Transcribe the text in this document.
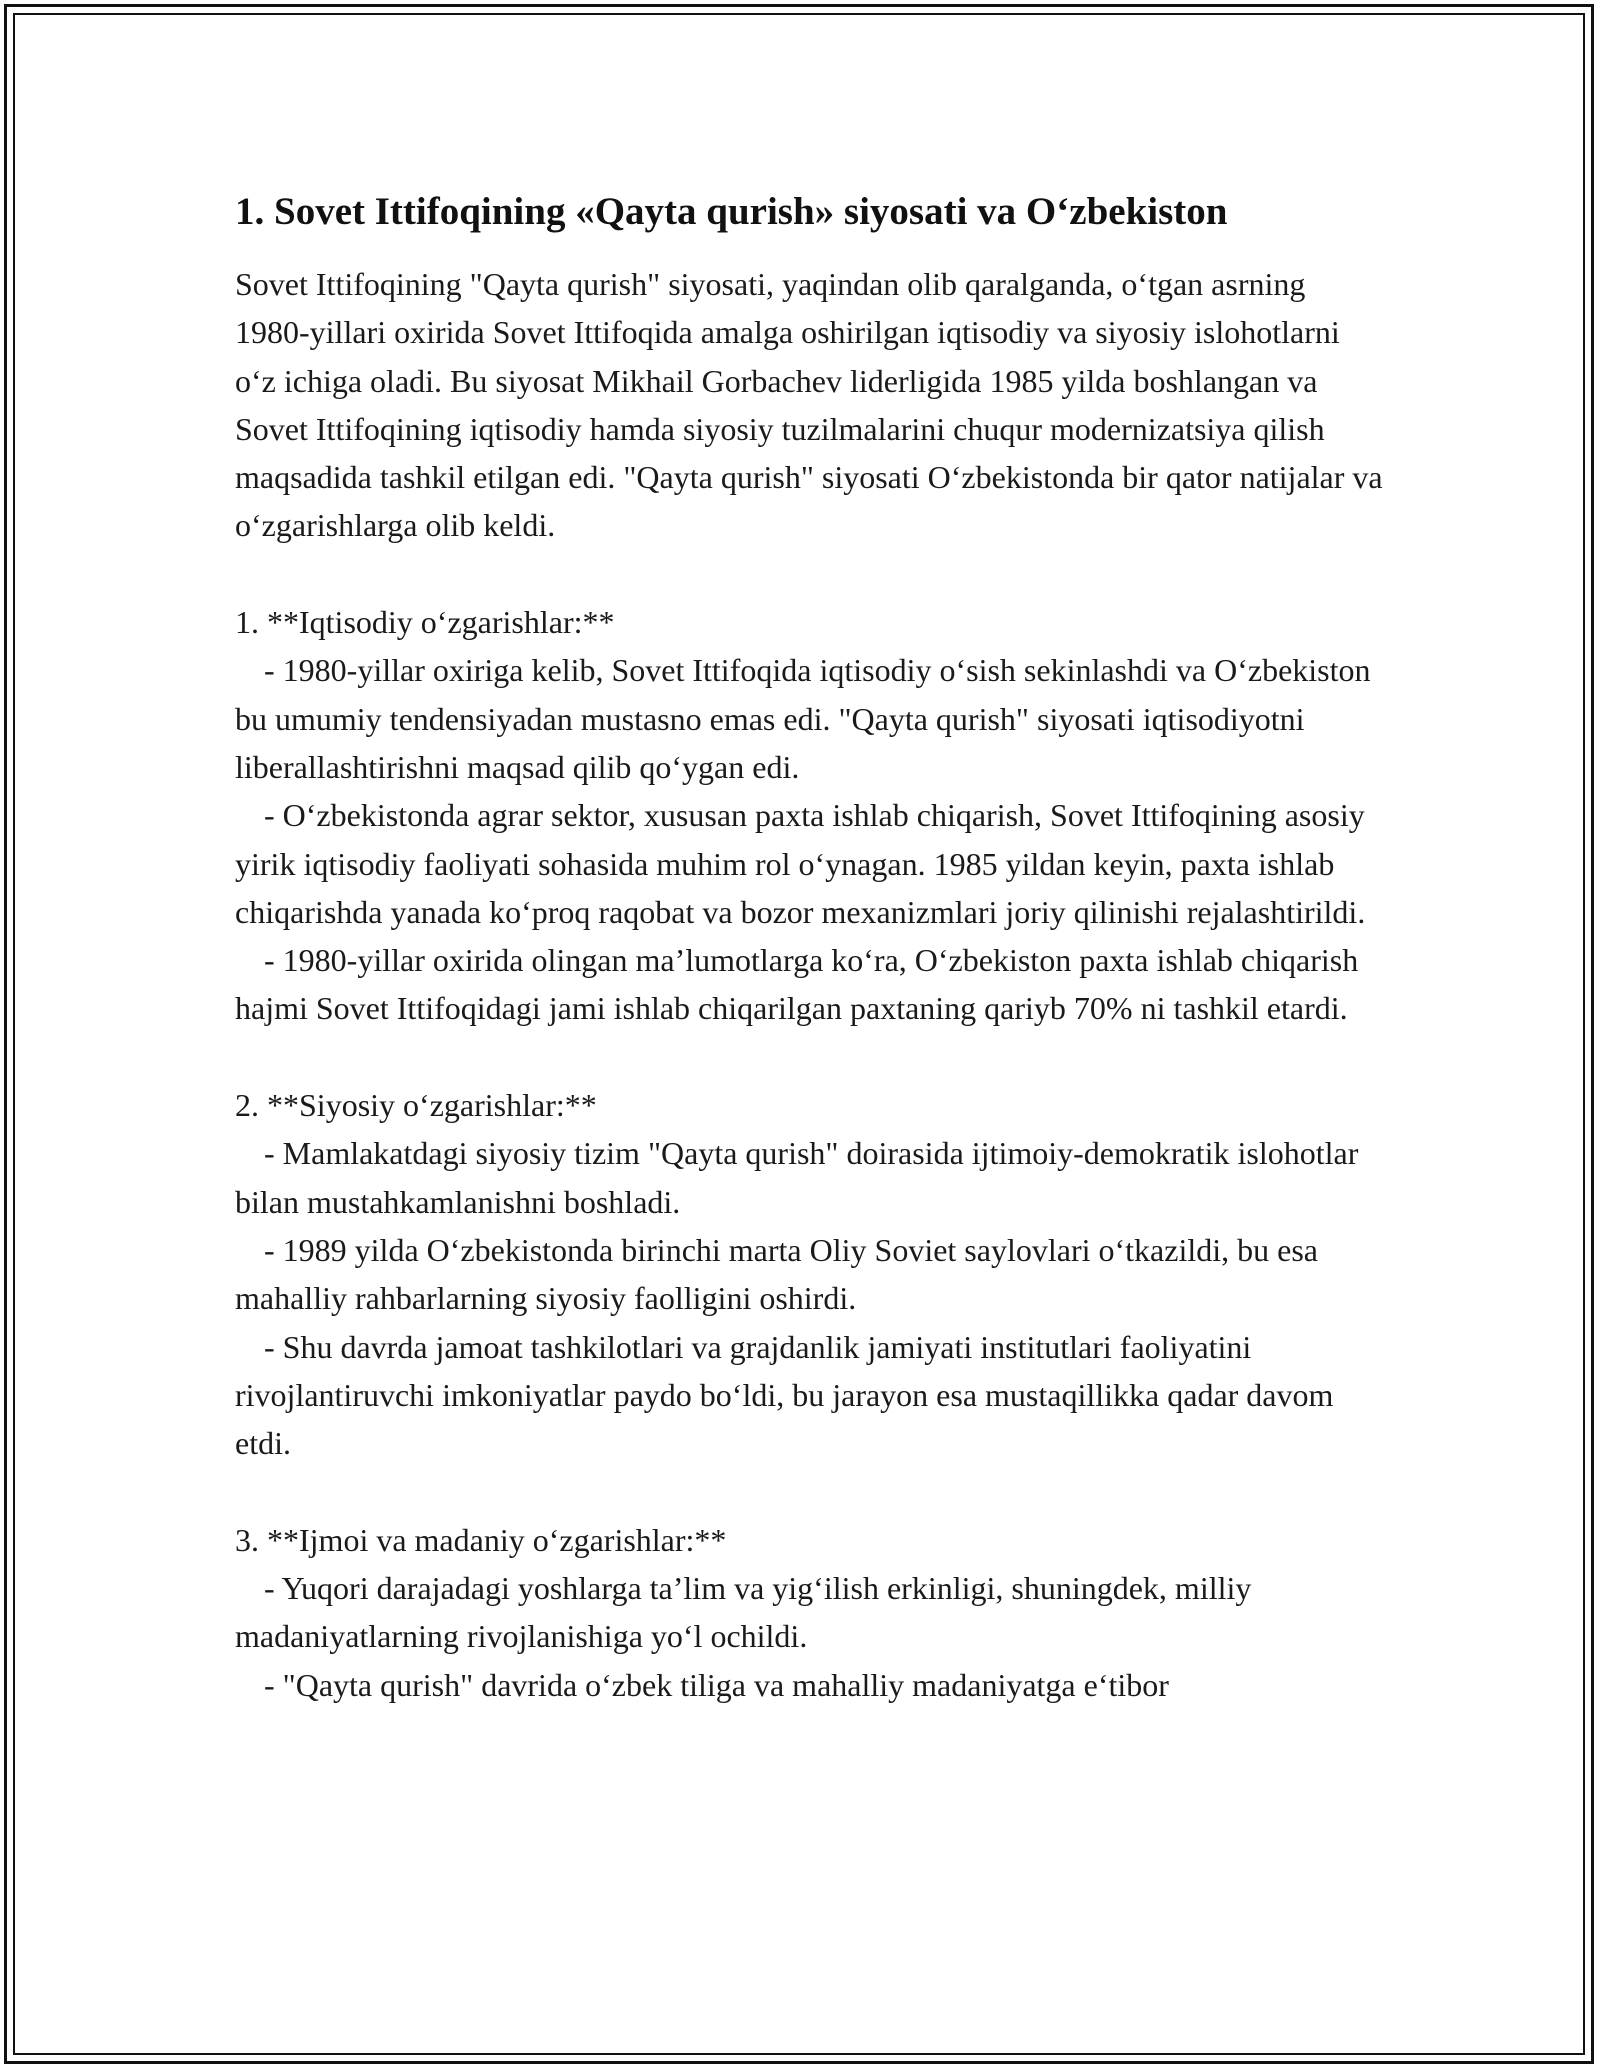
1. Sovet Ittifoqining «Qayta qurish» siyosati va O‘zbekiston

Sovet Ittifoqining "Qayta qurish" siyosati, yaqindan olib qaralganda, o‘tgan asrning 1980-yillari oxirida Sovet Ittifoqida amalga oshirilgan iqtisodiy va siyosiy islohotlarni o‘z ichiga oladi. Bu siyosat Mikhail Gorbachev liderligida 1985 yilda boshlangan va Sovet Ittifoqining iqtisodiy hamda siyosiy tuzilmalarini chuqur modernizatsiya qilish maqsadida tashkil etilgan edi. "Qayta qurish" siyosati O‘zbekistonda bir qator natijalar va o‘zgarishlarga olib keldi.

1. **Iqtisodiy o‘zgarishlar:**

- 1980-yillar oxiriga kelib, Sovet Ittifoqida iqtisodiy o‘sish sekinlashdi va O‘zbekiston bu umumiy tendensiyadan mustasno emas edi. "Qayta qurish" siyosati iqtisodiyotni liberallashtirishni maqsad qilib qo‘ygan edi.

- O‘zbekistonda agrar sektor, xususan paxta ishlab chiqarish, Sovet Ittifoqining asosiy yirik iqtisodiy faoliyati sohasida muhim rol o‘ynagan. 1985 yildan keyin, paxta ishlab chiqarishda yanada ko‘proq raqobat va bozor mexanizmlari joriy qilinishi rejalashtirildi.

- 1980-yillar oxirida olingan ma’lumotlarga ko‘ra, O‘zbekiston paxta ishlab chiqarish hajmi Sovet Ittifoqidagi jami ishlab chiqarilgan paxtaning qariyb 70% ni tashkil etardi.

2. **Siyosiy o‘zgarishlar:**

- Mamlakatdagi siyosiy tizim "Qayta qurish" doirasida ijtimoiy-demokratik islohotlar bilan mustahkamlanishni boshladi.

- 1989 yilda O‘zbekistonda birinchi marta Oliy Soviet saylovlari o‘tkazildi, bu esa mahalliy rahbarlarning siyosiy faolligini oshirdi.

- Shu davrda jamoat tashkilotlari va grajdanlik jamiyati institutlari faoliyatini rivojlantiruvchi imkoniyatlar paydo bo‘ldi, bu jarayon esa mustaqillikka qadar davom etdi.

3. **Ijmoi va madaniy o‘zgarishlar:**

- Yuqori darajadagi yoshlarga ta’lim va yig‘ilish erkinligi, shuningdek, milliy madaniyatlarning rivojlanishiga yo‘l ochildi.

- "Qayta qurish" davrida o‘zbek tiliga va mahalliy madaniyatga e‘tibor
